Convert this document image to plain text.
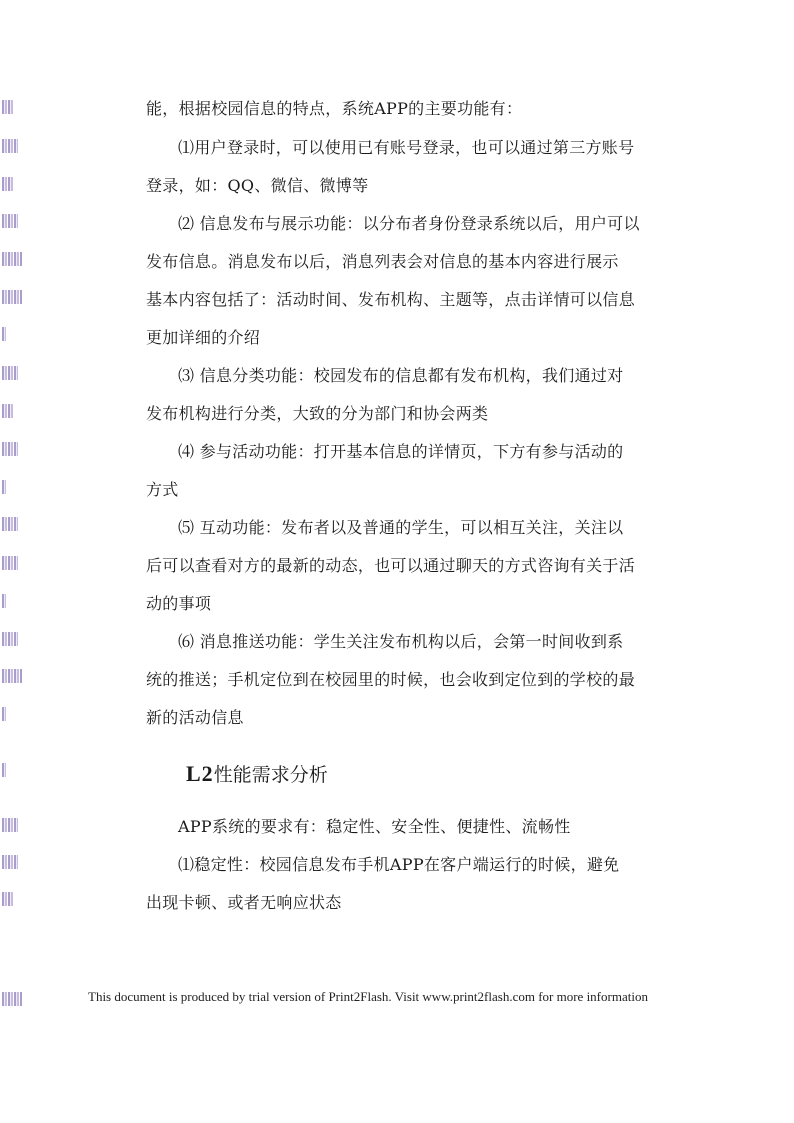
能，根据校园信息的特点，系统APP的主要功能有：
⑴用户登录时，可以使用已有账号登录，也可以通过第三方账号
登录，如：QQ、微信、微博等
⑵ 信息发布与展示功能：以分布者身份登录系统以后，用户可以
发布信息。消息发布以后，消息列表会对信息的基本内容进行展示
基本内容包括了：活动时间、发布机构、主题等，点击详情可以信息
更加详细的介绍
⑶ 信息分类功能：校园发布的信息都有发布机构，我们通过对
发布机构进行分类，大致的分为部门和协会两类
⑷ 参与活动功能：打开基本信息的详情页，下方有参与活动的
方式
⑸ 互动功能：发布者以及普通的学生，可以相互关注，关注以
后可以查看对方的最新的动态，也可以通过聊天的方式咨询有关于活
动的事项
⑹ 消息推送功能：学生关注发布机构以后，会第一时间收到系
统的推送；手机定位到在校园里的时候，也会收到定位到的学校的最
新的活动信息
L2性能需求分析
APP系统的要求有：稳定性、安全性、便捷性、流畅性
⑴稳定性：校园信息发布手机APP在客户端运行的时候，避免
出现卡顿、或者无响应状态
This document is produced by trial version of Print2Flash. Visit www.print2flash.com for more information
